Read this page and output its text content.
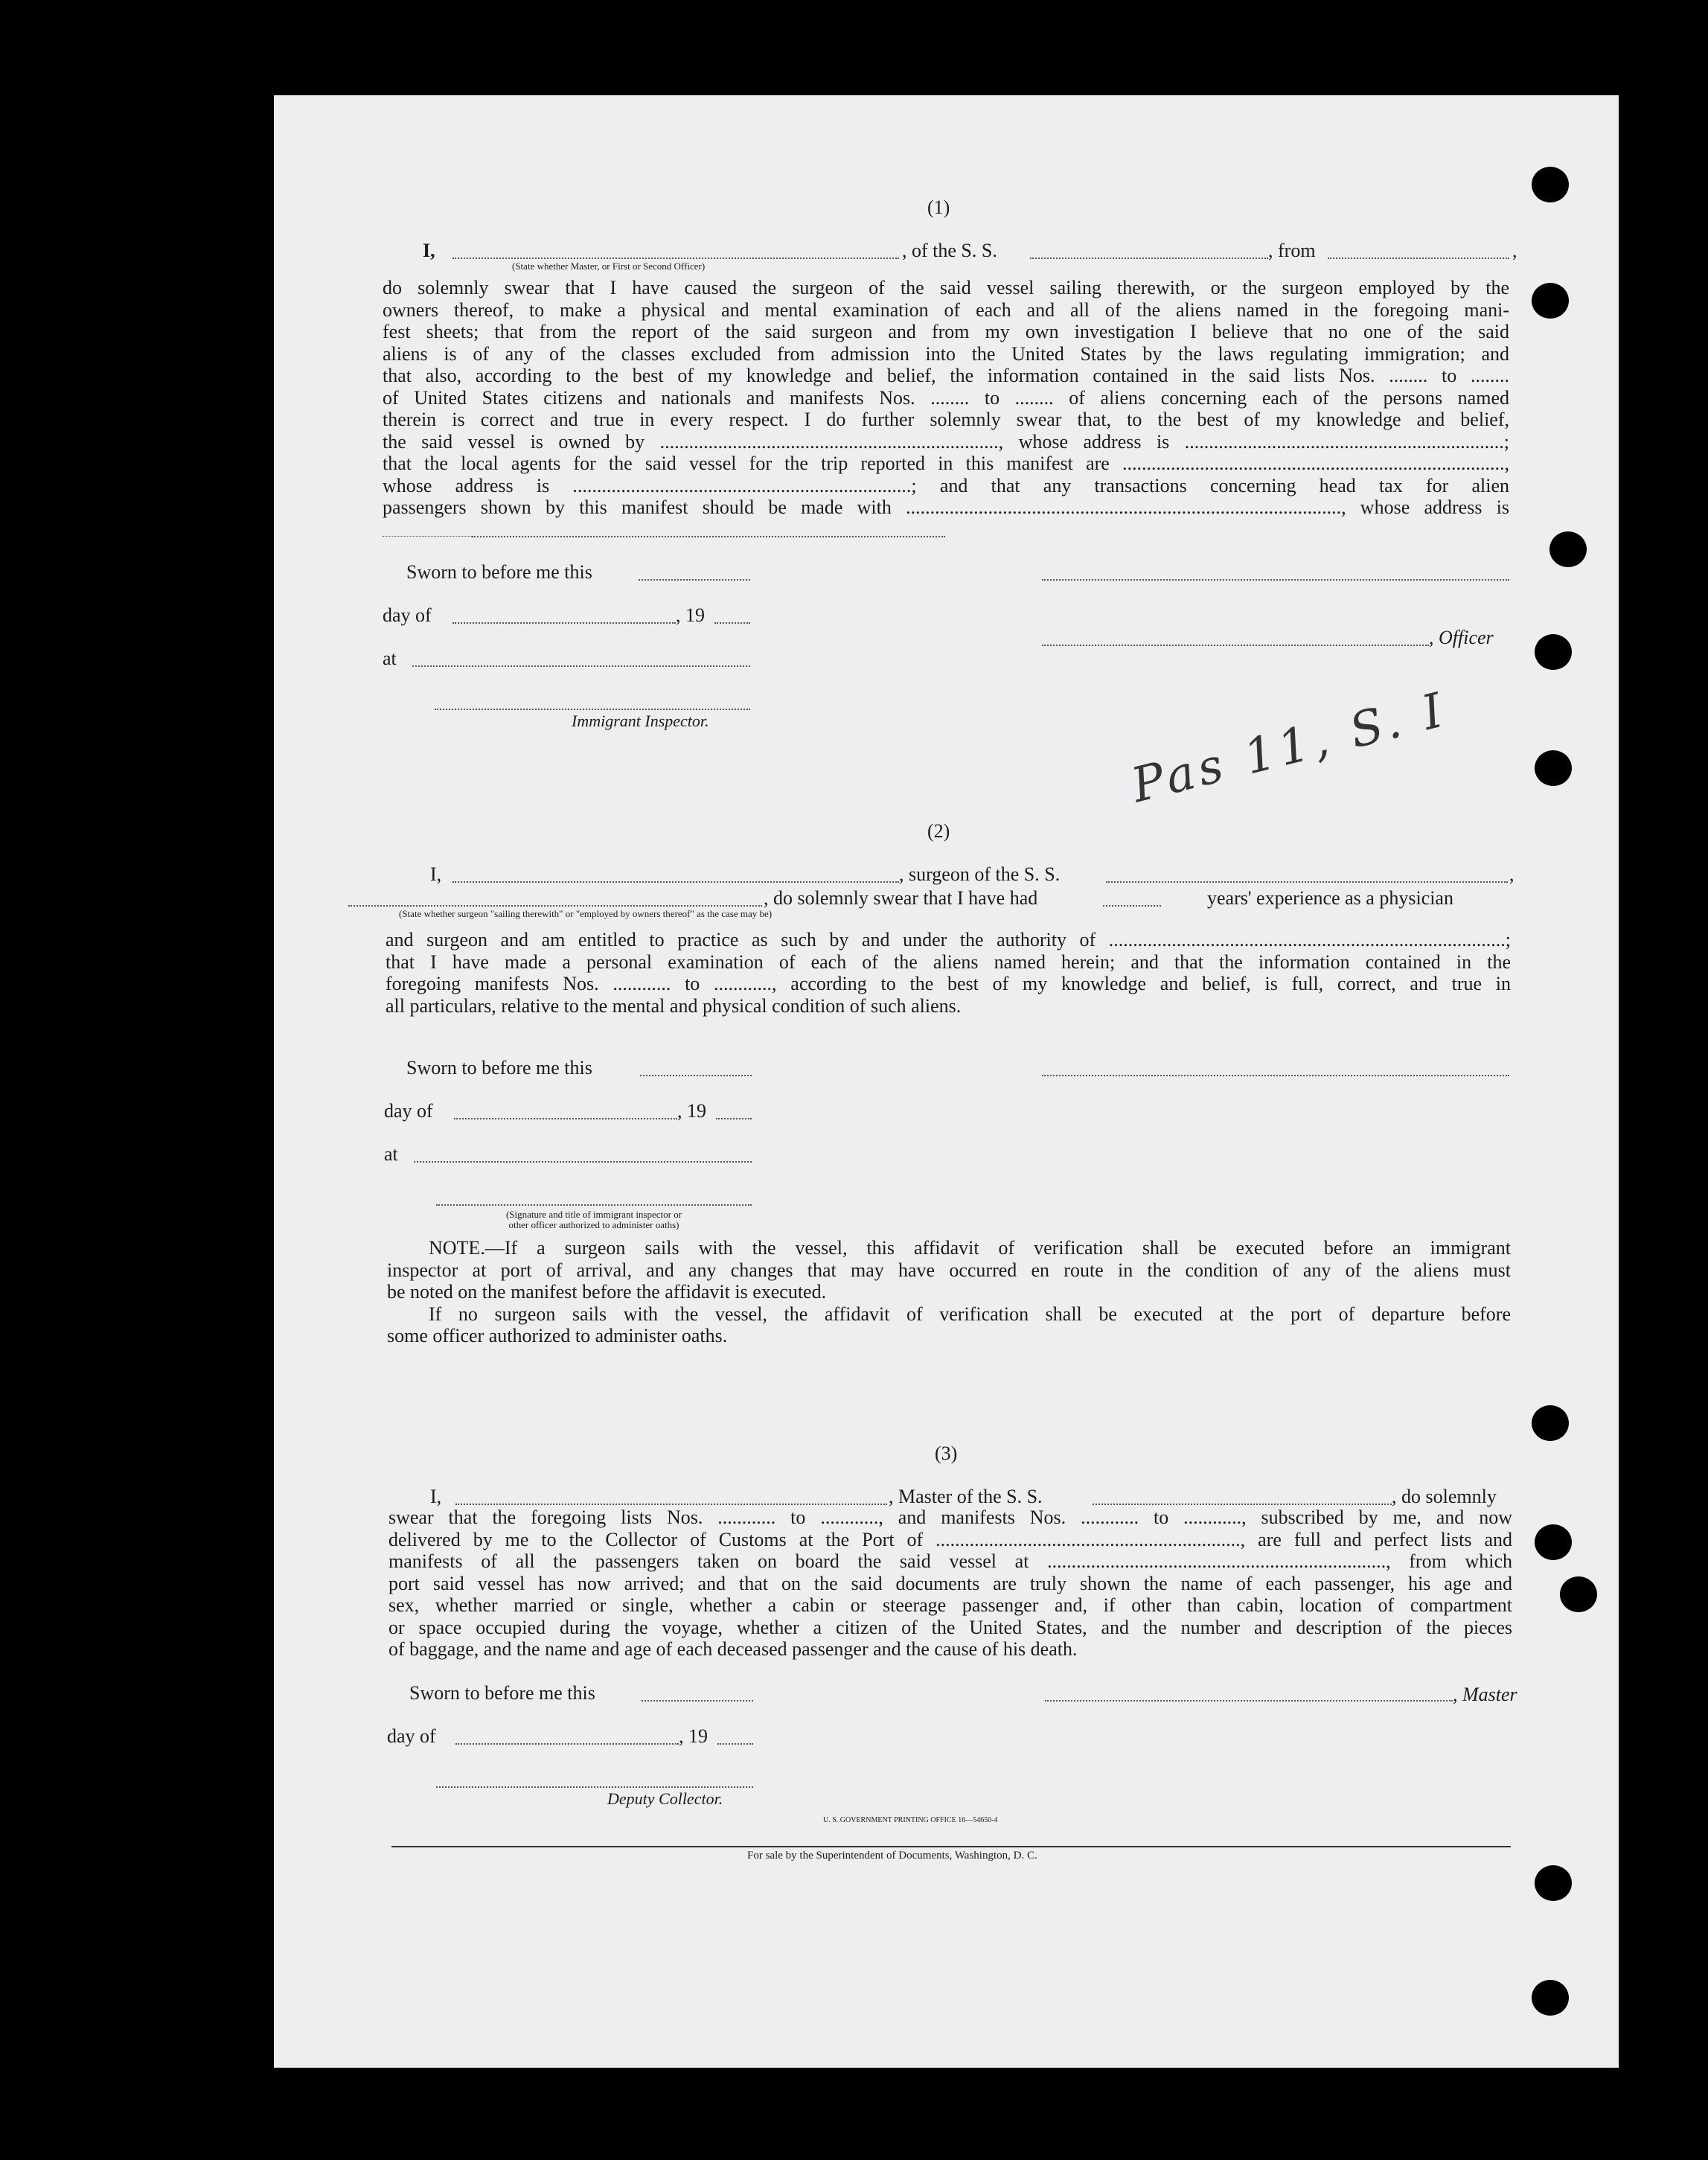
(1)
I,	, of the S. S.	, from	,
(State whether Master, or First or Second Officer)
do solemnly swear that I have caused the surgeon of the said vessel sailing therewith, or the surgeon employed by the
owners thereof, to make a physical and mental examination of each and all of the aliens named in the foregoing mani-
fest sheets; that from the report of the said surgeon and from my own investigation I believe that no one of the said
aliens is of any of the classes excluded from admission into the United States by the laws regulating immigration; and
that also, according to the best of my knowledge and belief, the information contained in the said lists Nos. ........ to ........
of United States citizens and nationals and manifests Nos. ........ to ........ of aliens concerning each of the persons named
therein is correct and true in every respect. I do further solemnly swear that, to the best of my knowledge and belief,
the said vessel is owned by ......................................................................, whose address is ..................................................................;
that the local agents for the said vessel for the trip reported in this manifest are ...............................................................................,
whose address is ......................................................................; and that any transactions concerning head tax for alien
passengers shown by this manifest should be made with .........................................................................................., whose address is
Sworn to before me this
day of	, 19
, Officer
at
Immigrant Inspector.	Pas 11, S. I
(2)
I,	, surgeon of the S. S.	,
, do solemnly swear that I have had	years' experience as a physician
(State whether surgeon "sailing therewith" or "employed by owners thereof" as the case may be)
and surgeon and am entitled to practice as such by and under the authority of ..................................................................................;
that I have made a personal examination of each of the aliens named herein; and that the information contained in the
foregoing manifests Nos. ............ to ............, according to the best of my knowledge and belief, is full, correct, and true in
all particulars, relative to the mental and physical condition of such aliens.
Sworn to before me this
day of	, 19
at
(Signature and title of immigrant inspector or
other officer authorized to administer oaths)
NOTE.—If a surgeon sails with the vessel, this affidavit of verification shall be executed before an immigrant
inspector at port of arrival, and any changes that may have occurred en route in the condition of any of the aliens must
be noted on the manifest before the affidavit is executed.
If no surgeon sails with the vessel, the affidavit of verification shall be executed at the port of departure before
some officer authorized to administer oaths.
(3)
I,	, Master of the S. S.	, do solemnly
swear that the foregoing lists Nos. ............ to ............, and manifests Nos. ............ to ............, subscribed by me, and now
delivered by me to the Collector of Customs at the Port of ..............................................................., are full and perfect lists and
manifests of all the passengers taken on board the said vessel at ......................................................................, from which
port said vessel has now arrived; and that on the said documents are truly shown the name of each passenger, his age and
sex, whether married or single, whether a cabin or steerage passenger and, if other than cabin, location of compartment
or space occupied during the voyage, whether a citizen of the United States, and the number and description of the pieces
of baggage, and the name and age of each deceased passenger and the cause of his death.
Sworn to before me this	, Master
day of	, 19
Deputy Collector.
U. S. GOVERNMENT PRINTING OFFICE 16—54650-4
For sale by the Superintendent of Documents, Washington, D. C.
